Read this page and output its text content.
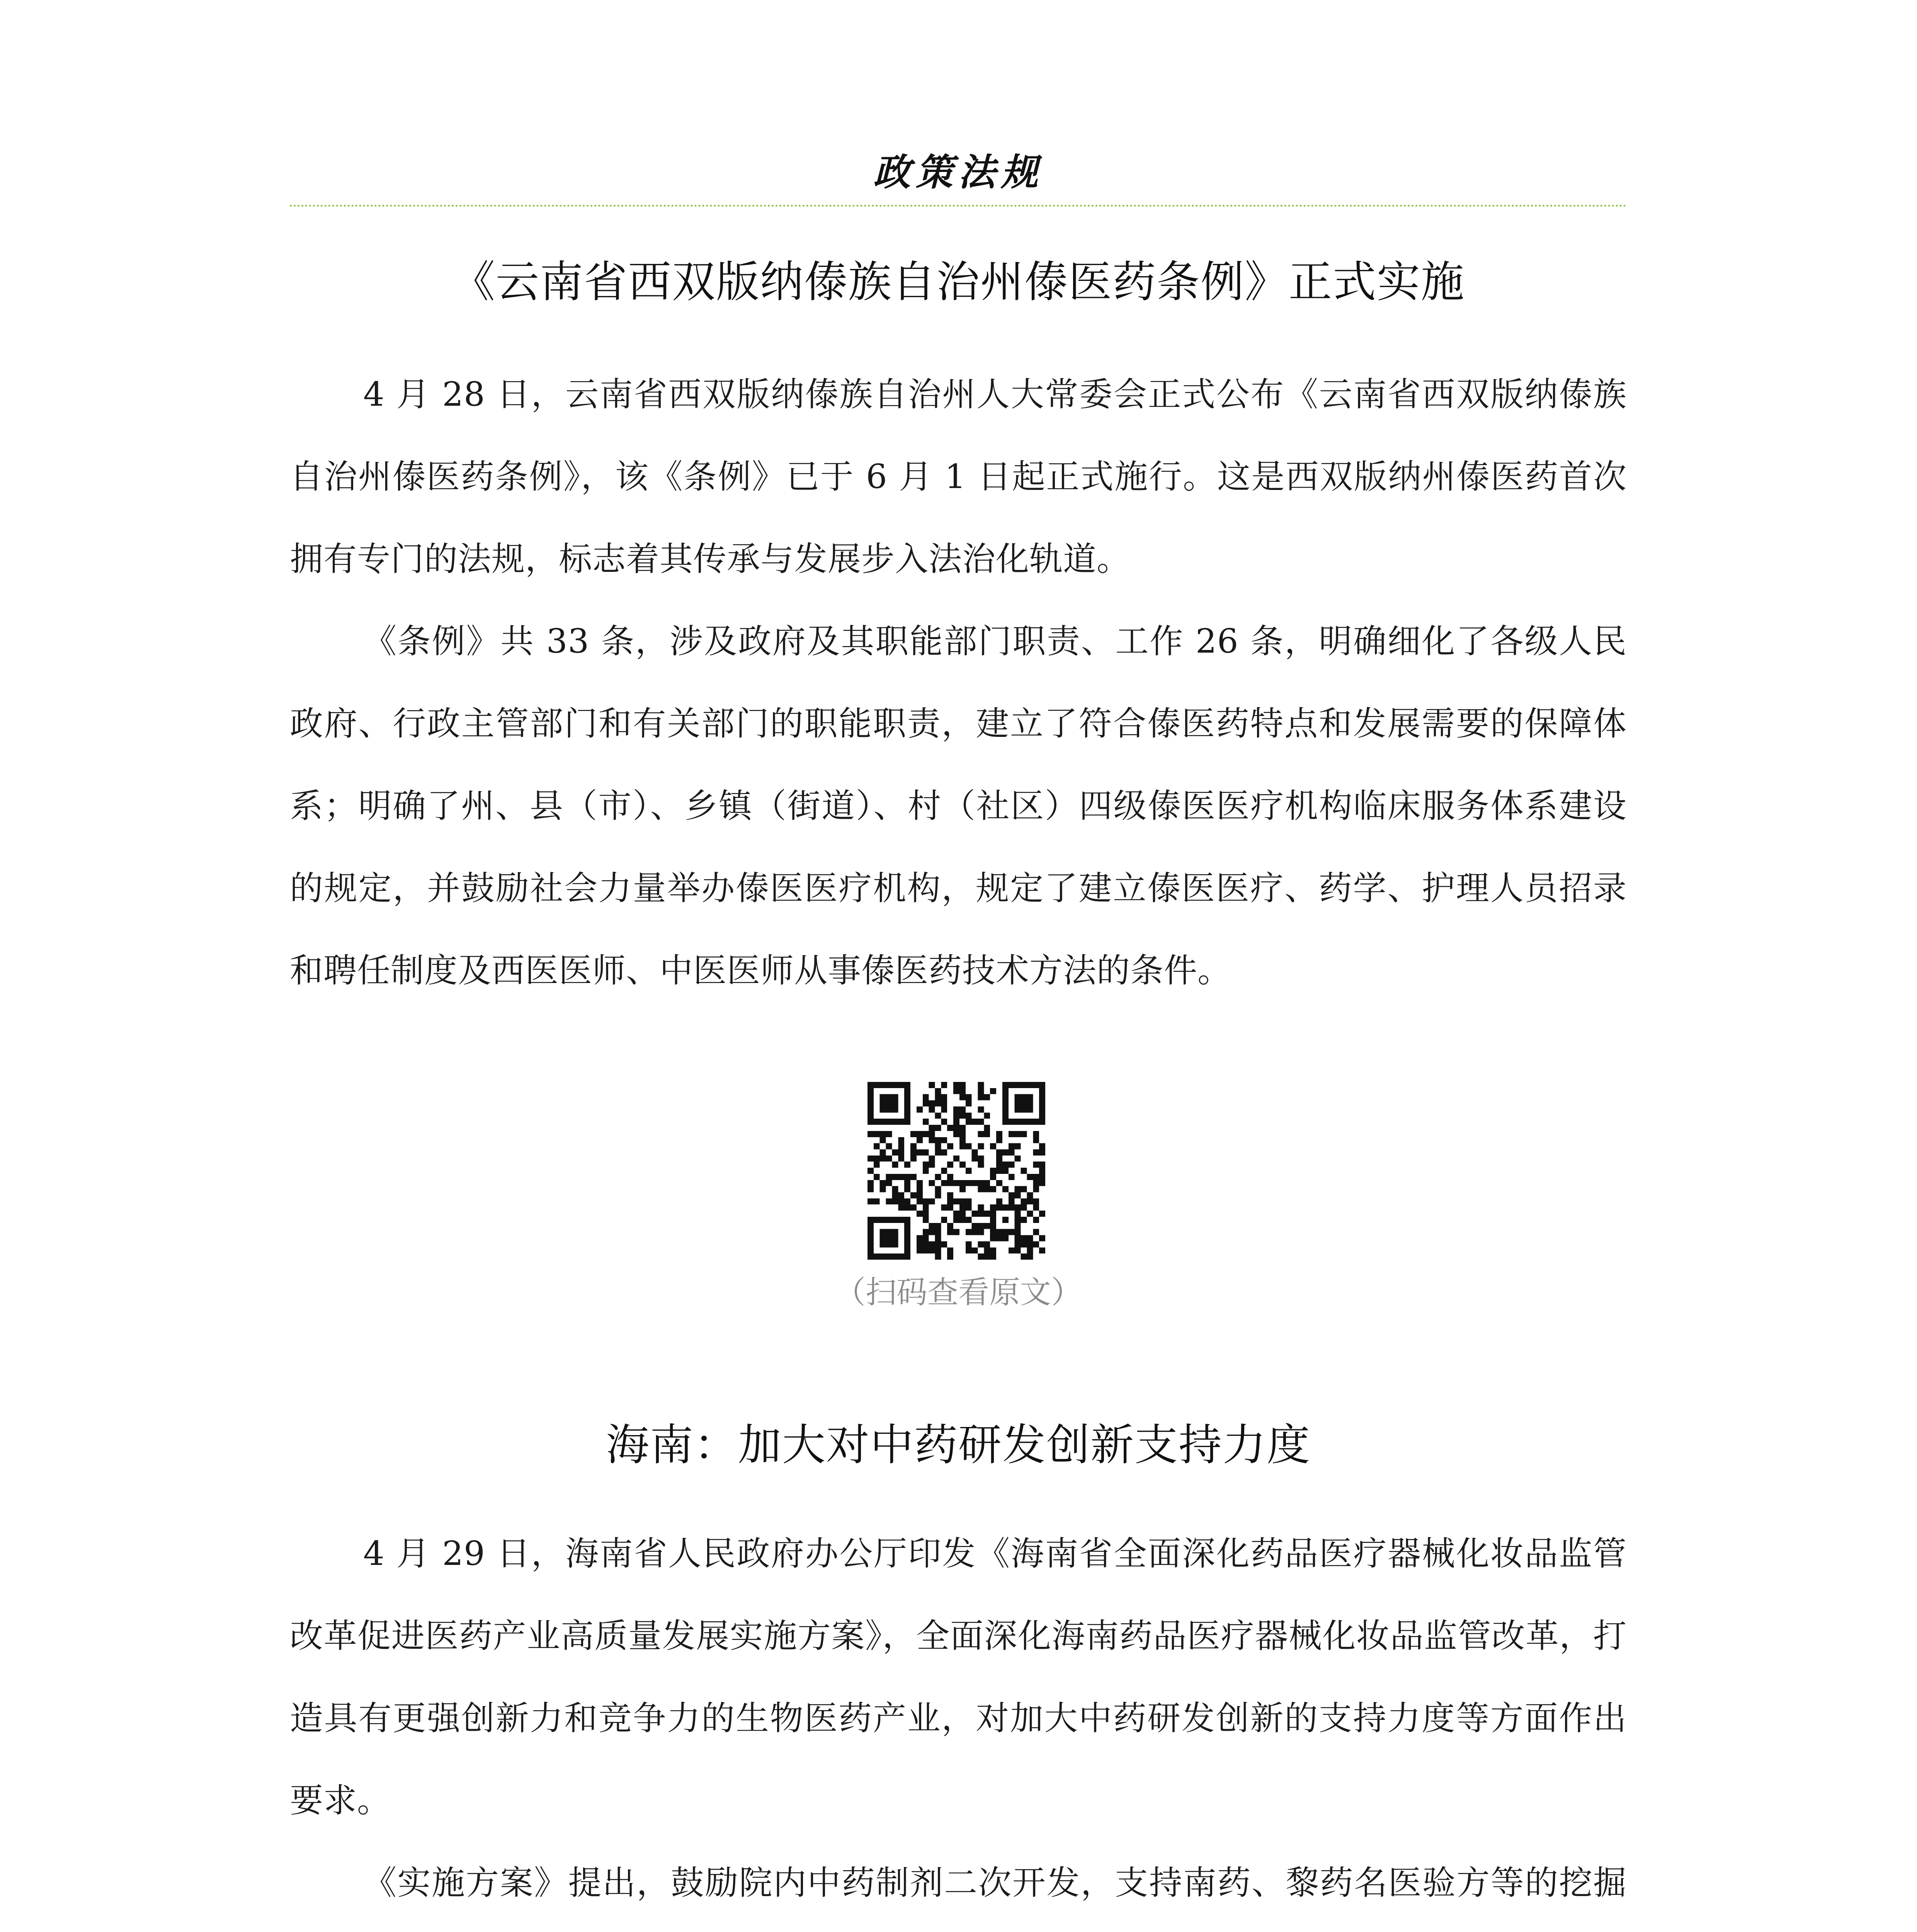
政策法规
《云南省西双版纳傣族自治州傣医药条例》正式实施

4 月 28 日，云南省西双版纳傣族自治州人大常委会正式公布《云南省西双版纳傣族自治州傣医药条例》，该《条例》已于 6 月 1 日起正式施行。这是西双版纳州傣医药首次拥有专门的法规，标志着其传承与发展步入法治化轨道。

《条例》共 33 条，涉及政府及其职能部门职责、工作 26 条，明确细化了各级人民政府、行政主管部门和有关部门的职能职责，建立了符合傣医药特点和发展需要的保障体系；明确了州、县（市）、乡镇（街道）、村（社区）四级傣医医疗机构临床服务体系建设的规定，并鼓励社会力量举办傣医医疗机构，规定了建立傣医医疗、药学、护理人员招录和聘任制度及西医医师、中医医师从事傣医药技术方法的条件。

（扫码查看原文）
海南：加大对中药研发创新支持力度

4 月 29 日，海南省人民政府办公厅印发《海南省全面深化药品医疗器械化妆品监管改革促进医药产业高质量发展实施方案》，全面深化海南药品医疗器械化妆品监管改革，打造具有更强创新力和竞争力的生物医药产业，对加大中药研发创新的支持力度等方面作出要求。

《实施方案》提出，鼓励院内中药制剂二次开发，支持南药、黎药名医验方等的挖掘
